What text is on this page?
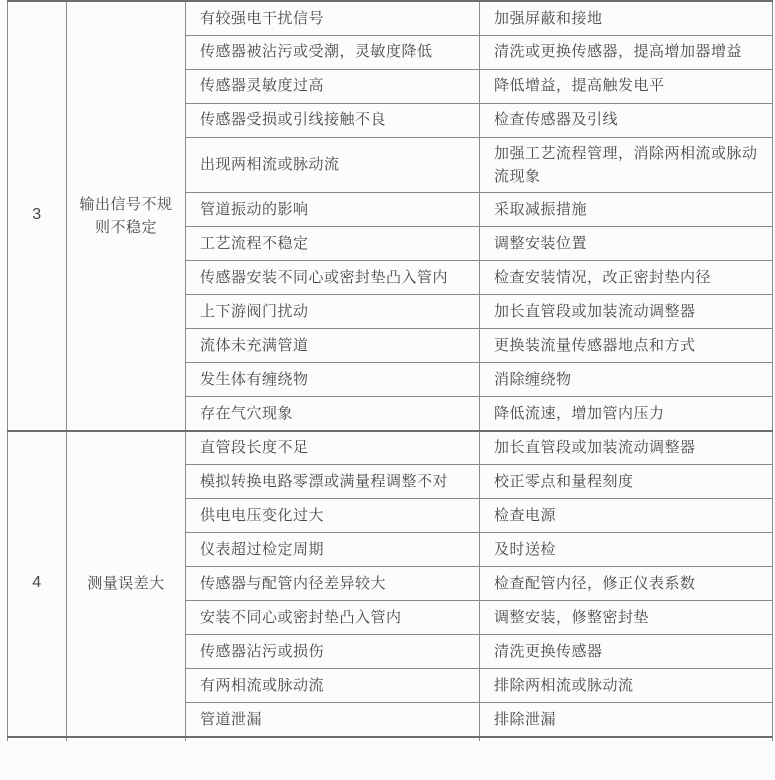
3	输出信号不规则不稳定	有较强电干扰信号	加强屏蔽和接地
		传感器被沾污或受潮，灵敏度降低	清洗或更换传感器，提高增加器增益
		传感器灵敏度过高	降低增益，提高触发电平
		传感器受损或引线接触不良	检查传感器及引线
		出现两相流或脉动流	加强工艺流程管理，消除两相流或脉动流现象
		管道振动的影响	采取减振措施
		工艺流程不稳定	调整安装位置
		传感器安装不同心或密封垫凸入管内	检查安装情况，改正密封垫内径
		上下游阀门扰动	加长直管段或加装流动调整器
		流体未充满管道	更换装流量传感器地点和方式
		发生体有缠绕物	消除缠绕物
		存在气穴现象	降低流速，增加管内压力
4	测量误差大	直管段长度不足	加长直管段或加装流动调整器
		模拟转换电路零漂或满量程调整不对	校正零点和量程刻度
		供电电压变化过大	检查电源
		仪表超过检定周期	及时送检
		传感器与配管内径差异较大	检查配管内径，修正仪表系数
		安装不同心或密封垫凸入管内	调整安装，修整密封垫
		传感器沾污或损伤	清洗更换传感器
		有两相流或脉动流	排除两相流或脉动流
		管道泄漏	排除泄漏
